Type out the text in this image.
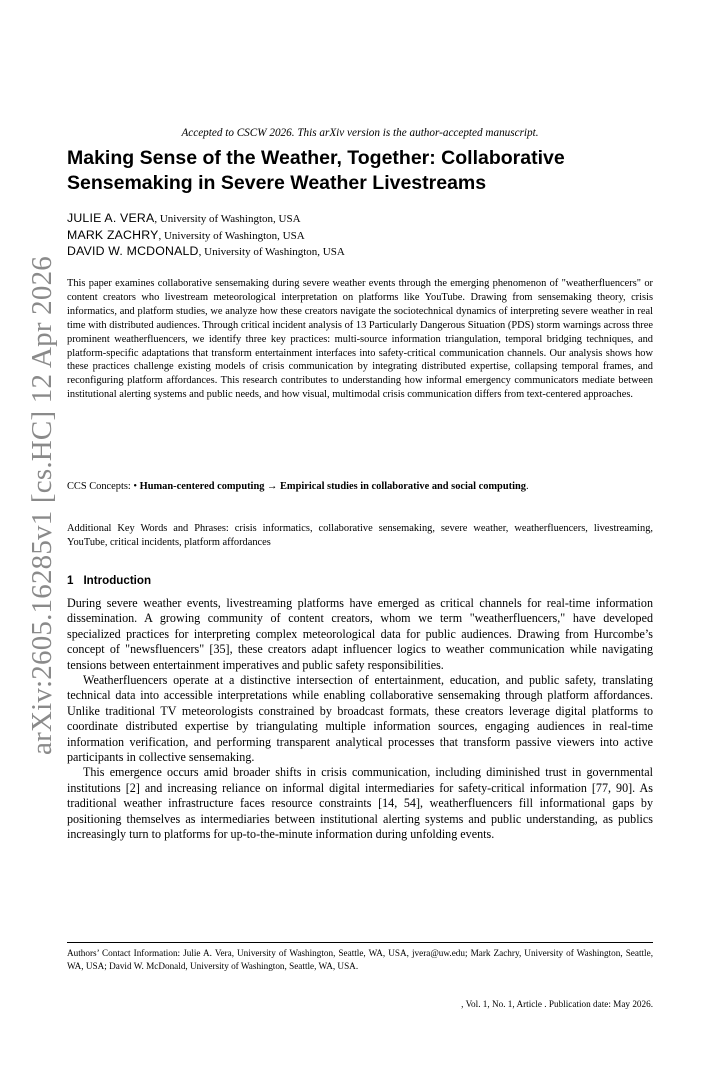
arXiv:2605.16285v1 [cs.HC] 12 Apr 2026
Accepted to CSCW 2026. This arXiv version is the author-accepted manuscript.
Making Sense of the Weather, Together: Collaborative Sensemaking in Severe Weather Livestreams
JULIE A. VERA, University of Washington, USA
MARK ZACHRY, University of Washington, USA
DAVID W. MCDONALD, University of Washington, USA

This paper examines collaborative sensemaking during severe weather events through the emerging phenomenon of "weatherfluencers" or content creators who livestream meteorological interpretation on platforms like YouTube. Drawing from sensemaking theory, crisis informatics, and platform studies, we analyze how these creators navigate the sociotechnical dynamics of interpreting severe weather in real time with distributed audiences. Through critical incident analysis of 13 Particularly Dangerous Situation (PDS) storm warnings across three prominent weatherfluencers, we identify three key practices: multi-source information triangulation, temporal bridging techniques, and platform-specific adaptations that transform entertainment interfaces into safety-critical communication channels. Our analysis shows how these practices challenge existing models of crisis communication by integrating distributed expertise, collapsing temporal frames, and reconfiguring platform affordances. This research contributes to understanding how informal emergency communicators mediate between institutional alerting systems and public needs, and how visual, multimodal crisis communication differs from text-centered approaches.

CCS Concepts: • Human-centered computing → Empirical studies in collaborative and social computing.

Additional Key Words and Phrases: crisis informatics, collaborative sensemaking, severe weather, weatherfluencers, livestreaming, YouTube, critical incidents, platform affordances

1 Introduction

During severe weather events, livestreaming platforms have emerged as critical channels for real-time information dissemination. A growing community of content creators, whom we term "weatherfluencers," have developed specialized practices for interpreting complex meteorological data for public audiences. Drawing from Hurcombe’s concept of "newsfluencers" [35], these creators adapt influencer logics to weather communication while navigating tensions between entertainment imperatives and public safety responsibilities.

Weatherfluencers operate at a distinctive intersection of entertainment, education, and public safety, translating technical data into accessible interpretations while enabling collaborative sensemaking through platform affordances. Unlike traditional TV meteorologists constrained by broadcast formats, these creators leverage digital platforms to coordinate distributed expertise by triangulating multiple information sources, engaging audiences in real-time information verification, and performing transparent analytical processes that transform passive viewers into active participants in collective sensemaking.

This emergence occurs amid broader shifts in crisis communication, including diminished trust in governmental institutions [2] and increasing reliance on informal digital intermediaries for safety-critical information [77, 90]. As traditional weather infrastructure faces resource constraints [14, 54], weatherfluencers fill informational gaps by positioning themselves as intermediaries between institutional alerting systems and public understanding, as publics increasingly turn to platforms for up-to-the-minute information during unfolding events.

Authors’ Contact Information: Julie A. Vera, University of Washington, Seattle, WA, USA, jvera@uw.edu; Mark Zachry, University of Washington, Seattle, WA, USA; David W. McDonald, University of Washington, Seattle, WA, USA.

, Vol. 1, No. 1, Article . Publication date: May 2026.
